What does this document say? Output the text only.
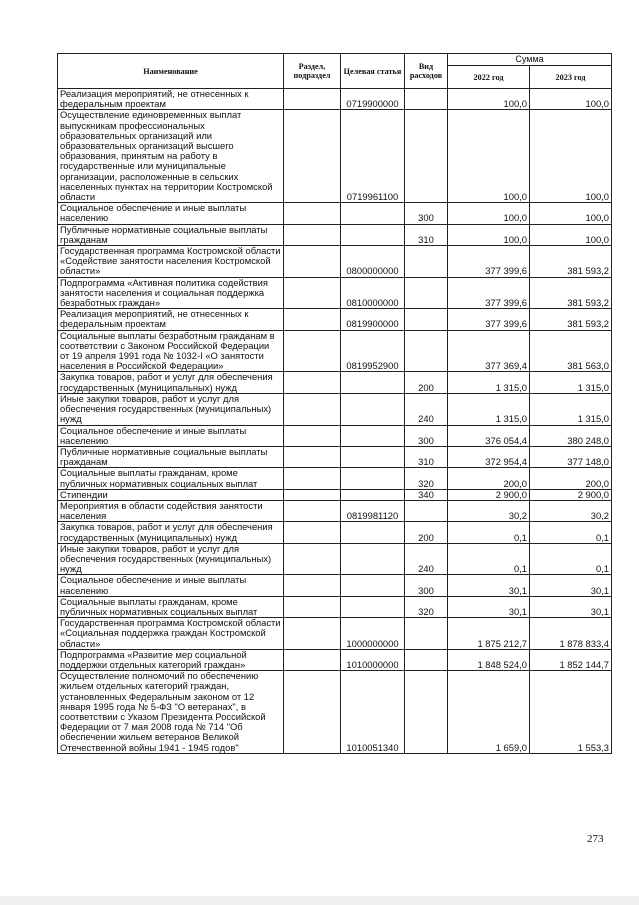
Наименование	Раздел, подраздел	Целевая статья	Вид расходов	Сумма	
				2022 год	2023 год
Реализация мероприятий, не отнесенных к федеральным проектам		0719900000		100,0	100,0
Осуществление единовременных выплат выпускникам профессиональных образовательных организаций или образовательных организаций высшего образования, принятым на работу в государственные или муниципальные организации, расположенные в сельских населенных пунктах на территории Костромской области		0719961100		100,0	100,0
Социальное обеспечение и иные выплаты населению			300	100,0	100,0
Публичные нормативные социальные выплаты гражданам			310	100,0	100,0
Государственная программа Костромской области «Содействие занятости населения Костромской области»		0800000000		377 399,6	381 593,2
Подпрограмма «Активная политика содействия занятости населения и социальная поддержка безработных граждан»		0810000000		377 399,6	381 593,2
Реализация мероприятий, не отнесенных к федеральным проектам		0819900000		377 399,6	381 593,2
Социальные выплаты безработным гражданам в соответствии с Законом Российской Федерации от 19 апреля 1991 года № 1032-I «О занятости населения в Российской Федерации»		0819952900		377 369,4	381 563,0
Закупка товаров, работ и услуг для обеспечения государственных (муниципальных) нужд			200	1 315,0	1 315,0
Иные закупки товаров, работ и услуг для обеспечения государственных (муниципальных) нужд			240	1 315,0	1 315,0
Социальное обеспечение и иные выплаты населению			300	376 054,4	380 248,0
Публичные нормативные социальные выплаты гражданам			310	372 954,4	377 148,0
Социальные выплаты гражданам, кроме публичных нормативных социальных выплат			320	200,0	200,0
Стипендии			340	2 900,0	2 900,0
Мероприятия в области содействия занятости населения		0819981120		30,2	30,2
Закупка товаров, работ и услуг для обеспечения государственных (муниципальных) нужд			200	0,1	0,1
Иные закупки товаров, работ и услуг для обеспечения государственных (муниципальных) нужд			240	0,1	0,1
Социальное обеспечение и иные выплаты населению			300	30,1	30,1
Социальные выплаты гражданам, кроме публичных нормативных социальных выплат			320	30,1	30,1
Государственная программа Костромской области «Социальная поддержка граждан Костромской области»		1000000000		1 875 212,7	1 878 833,4
Подпрограмма «Развитие мер социальной поддержки отдельных категорий граждан»		1010000000		1 848 524,0	1 852 144,7
Осуществление полномочий по обеспечению жильем отдельных категорий граждан, установленных Федеральным законом от 12 января 1995 года № 5-ФЗ "О ветеранах", в соответствии с Указом Президента Российской Федерации от 7 мая 2008 года № 714 "Об обеспечении жильем ветеранов Великой Отечественной войны 1941 - 1945 годов"		1010051340		1 659,0	1 553,3
273
